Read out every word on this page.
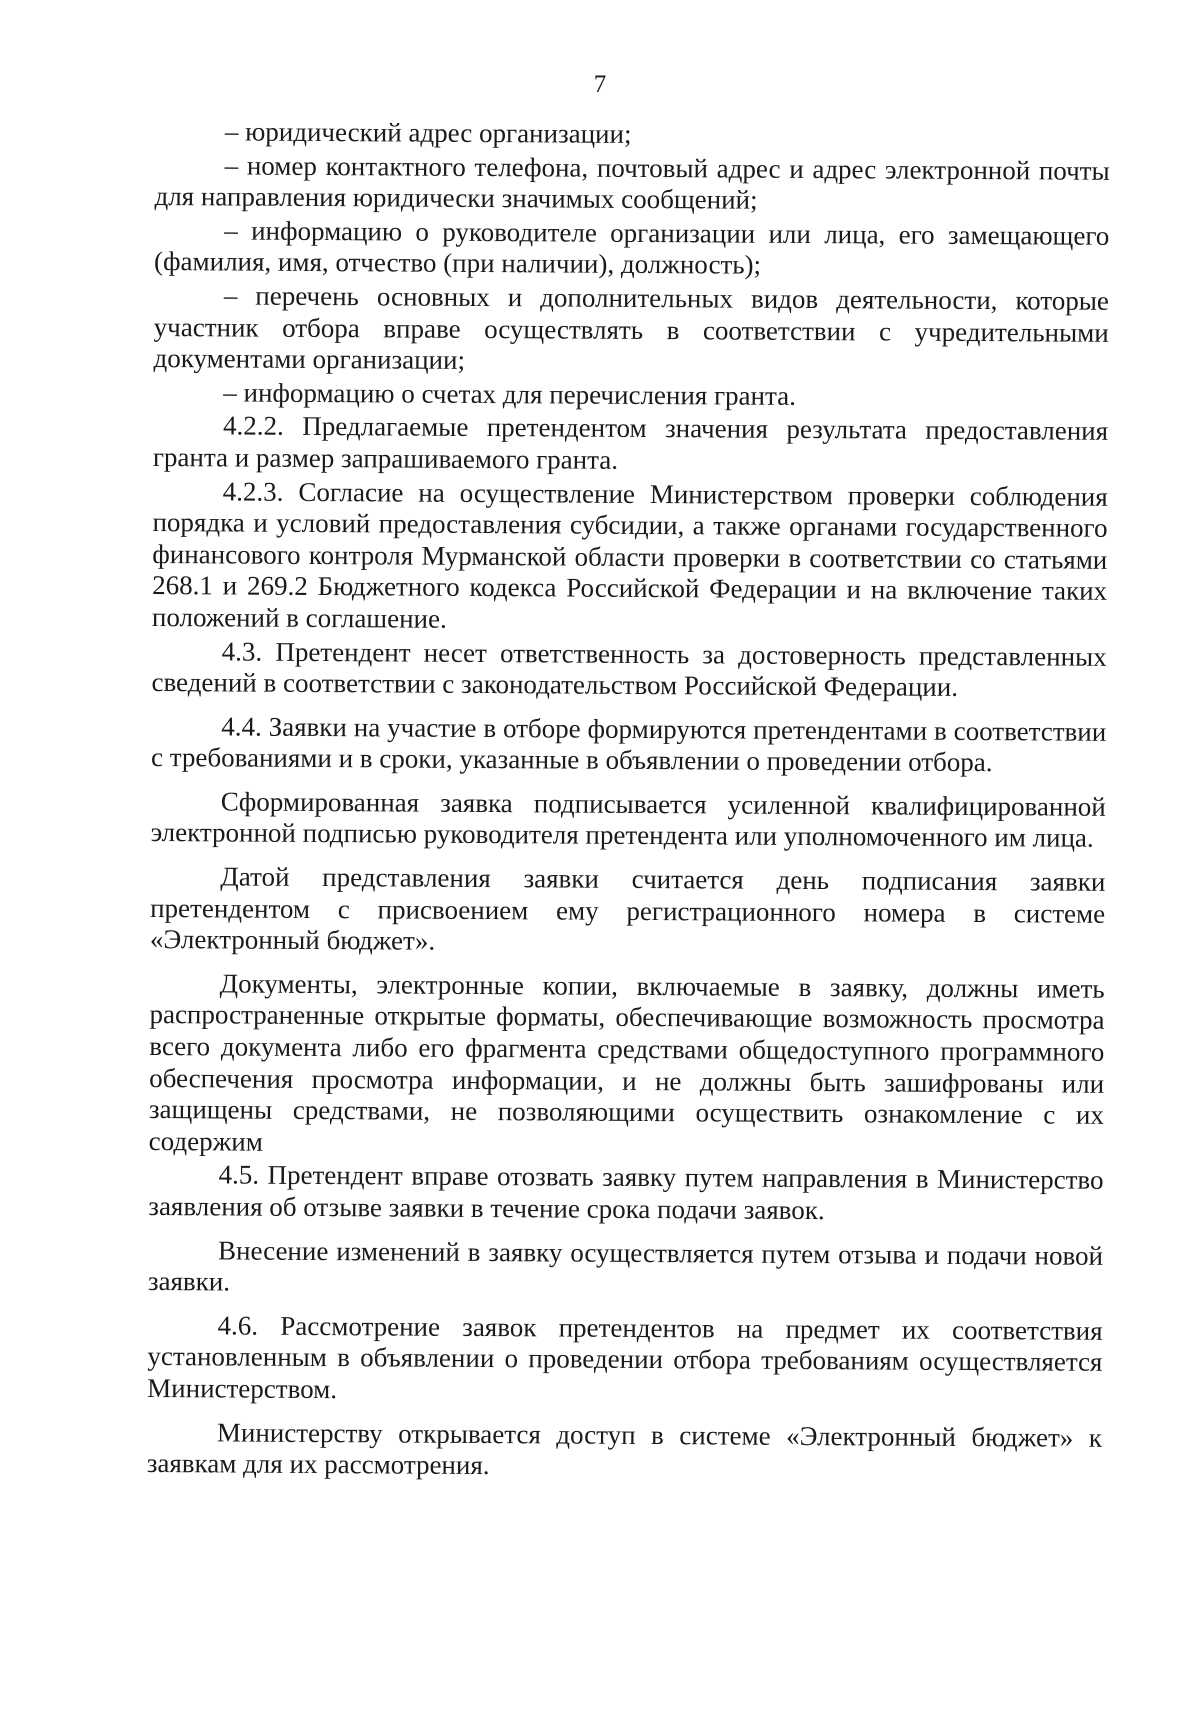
7

– юридический адрес организации;

– номер контактного телефона, почтовый адрес и адрес электронной почты для направления юридически значимых сообщений;

– информацию о руководителе организации или лица, его замещающего (фамилия, имя, отчество (при наличии), должность);

– перечень основных и дополнительных видов деятельности, которые участник отбора вправе осуществлять в соответствии с учредительными документами организации;

– информацию о счетах для перечисления гранта.

4.2.2. Предлагаемые претендентом значения результата предоставления гранта и размер запрашиваемого гранта.

4.2.3. Согласие на осуществление Министерством проверки соблюдения порядка и условий предоставления субсидии, а также органами государственного финансового контроля Мурманской области проверки в соответствии со статьями 268.1 и 269.2 Бюджетного кодекса Российской Федерации и на включение таких положений в соглашение.

4.3. Претендент несет ответственность за достоверность представленных сведений в соответствии с законодательством Российской Федерации.

4.4. Заявки на участие в отборе формируются претендентами в соответствии с требованиями и в сроки, указанные в объявлении о проведении отбора.

Сформированная заявка подписывается усиленной квалифицированной электронной подписью руководителя претендента или уполномоченного им лица.

Датой представления заявки считается день подписания заявки претендентом с присвоением ему регистрационного номера в системе «Электронный бюджет».

Документы, электронные копии, включаемые в заявку, должны иметь распространенные открытые форматы, обеспечивающие возможность просмотра всего документа либо его фрагмента средствами общедоступного программного обеспечения просмотра информации, и не должны быть зашифрованы или защищены средствами, не позволяющими осуществить ознакомление с их содержим

4.5. Претендент вправе отозвать заявку путем направления в Министерство заявления об отзыве заявки в течение срока подачи заявок.

Внесение изменений в заявку осуществляется путем отзыва и подачи новой заявки.

4.6. Рассмотрение заявок претендентов на предмет их соответствия установленным в объявлении о проведении отбора требованиям осуществляется Министерством.

Министерству открывается доступ в системе «Электронный бюджет» к заявкам для их рассмотрения.
